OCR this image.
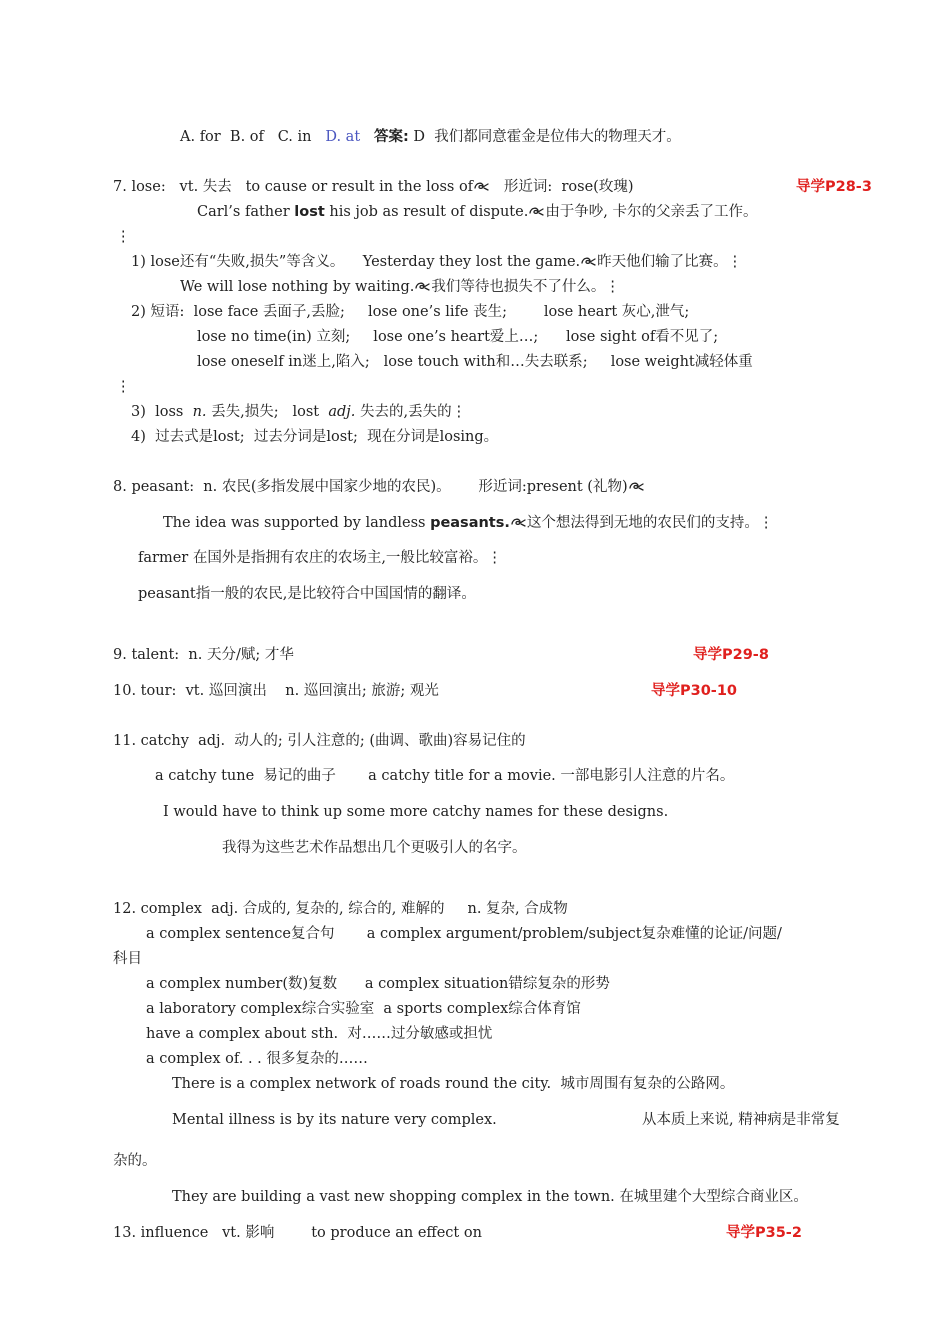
A. for  B. of   C. in   D. at 答案: D  我们都同意霍金是位伟大的物理天才。
7. lose:   vt. 失去   to cause or result in the loss of   形近词:  rose(玫瑰)	导学P28-3
Carl’s father lost his job as result of dispute. 由于争吵, 卡尔的父亲丢了工作。
⋮
1) lose还有“失败,损失”等含义。    Yesterday they lost the game. 昨天他们输了比赛。⋮
We will lose nothing by waiting. 我们等待也损失不了什么。⋮
2) 短语:  lose face 丢面子,丢脸;     lose one’s life 丧生;        lose heart 灰心,泄气;
lose no time(in) 立刻;     lose one’s heart爱上…;      lose sight of看不见了;
lose oneself in迷上,陷入;   lose touch with和…失去联系;     lose weight减轻体重
⋮
3)  loss  n. 丢失,损失;   lost  adj. 失去的,丢失的⋮
4)  过去式是lost;  过去分词是lost;  现在分词是losing。
8. peasant:  n. 农民(多指发展中国家少地的农民)。      形近词:present (礼物)
The idea was supported by landless peasants. 这个想法得到无地的农民们的支持。⋮
farmer 在国外是指拥有农庄的农场主,一般比较富裕。⋮
peasant指一般的农民,是比较符合中国国情的翻译。
9. talent:  n. 天分/赋; 才华	导学P29-8
10. tour:  vt. 巡回演出    n. 巡回演出; 旅游; 观光	导学P30-10
11. catchy  adj.  动人的; 引人注意的; (曲调、歌曲)容易记住的
a catchy tune  易记的曲子       a catchy title for a movie. 一部电影引人注意的片名。
I would have to think up some more catchy names for these designs.
我得为这些艺术作品想出几个更吸引人的名字。
12. complex  adj. 合成的, 复杂的, 综合的, 难解的     n. 复杂, 合成物
a complex sentence复合句       a complex argument/problem/subject复杂难懂的论证/问题/
科目
a complex number(数)复数      a complex situation错综复杂的形势
a laboratory complex综合实验室  a sports complex综合体育馆
have a complex about sth.  对……过分敏感或担忧
a complex of. . . 很多复杂的……
There is a complex network of roads round the city.  城市周围有复杂的公路网。
Mental illness is by its nature very complex.	从本质上来说, 精神病是非常复
杂的。
They are building a vast new shopping complex in the town. 在城里建个大型综合商业区。
13. influence   vt. 影响        to produce an effect on	导学P35-2
